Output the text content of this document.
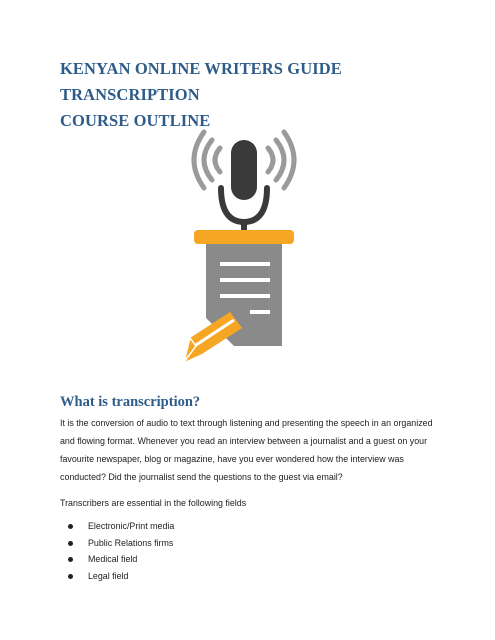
KENYAN ONLINE WRITERS GUIDE TRANSCRIPTION
COURSE OUTLINE
What is transcription?

It is the conversion of audio to text through listening and presenting the speech in an organized and flowing format. Whenever you read an interview between a journalist and a guest on your favourite newspaper, blog or magazine, have you ever wondered how the interview was conducted? Did the journalist send the questions to the guest via email?

Transcribers are essential in the following fields

Electronic/Print media
Public Relations firms
Medical field
Legal field
